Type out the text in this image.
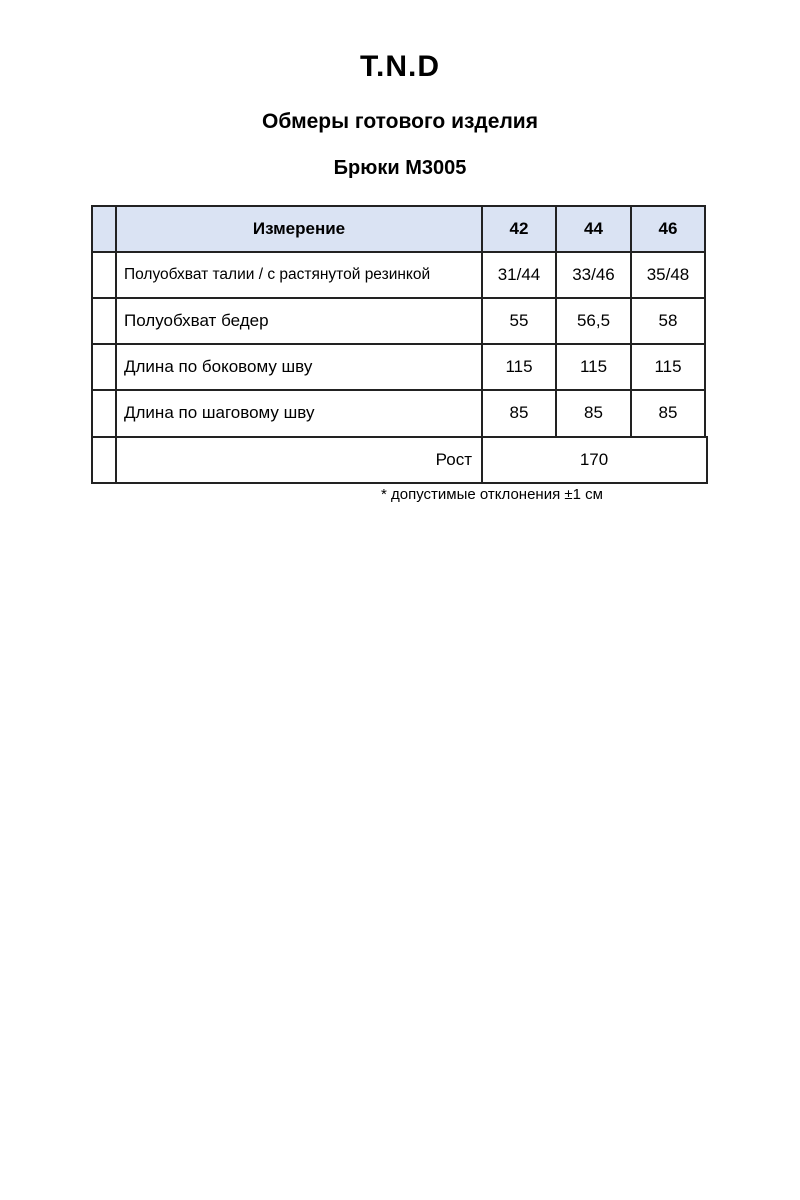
T.N.D
Обмеры готового изделия
Брюки М3005
Измерение	42	44	46
Полуобхват талии / с растянутой резинкой	31/44	33/46	35/48
Полуобхват бедер	55	56,5	58
Длина по боковому шву	115	115	115
Длина по шаговому шву	85	85	85
Рост	170
* допустимые отклонения ±1 см
